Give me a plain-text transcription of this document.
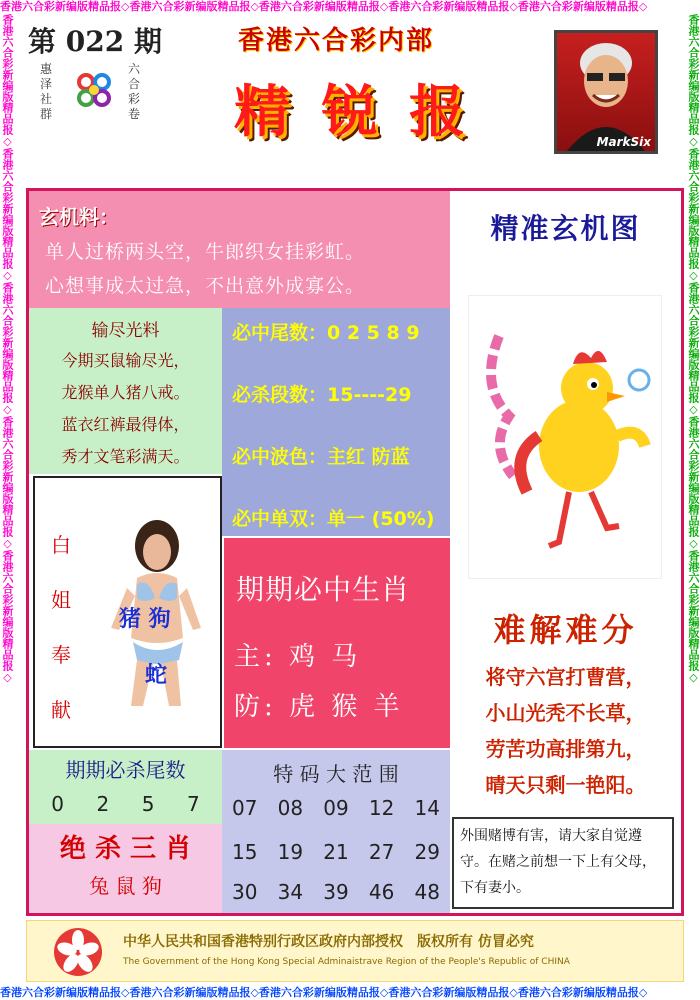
香港六合彩新编版精品报◇香港六合彩新编版精品报◇香港六合彩新编版精品报◇香港六合彩新编版精品报◇香港六合彩新编版精品报◇
香港六合彩新编版精品报◇香港六合彩新编版精品报◇香港六合彩新编版精品报◇香港六合彩新编版精品报◇香港六合彩新编版精品报◇
香港六合彩新编版精品报◇香港六合彩新编版精品报◇香港六合彩新编版精品报◇香港六合彩新编版精品报◇香港六合彩新编版精品报◇	香港六合彩新编版精品报◇香港六合彩新编版精品报◇香港六合彩新编版精品报◇香港六合彩新编版精品报◇香港六合彩新编版精品报◇
第 022 期
惠泽社群
六合彩卷
香港六合彩内部
精 锐 报	MarkSix
玄机料：
单人过桥两头空，牛郎织女挂彩虹。
心想事成太过急，不出意外成寡公。
输尽光料
今期买鼠输尽光，
龙猴单人猪八戒。
蓝衣红裤最得体，
秀才文笔彩满天。
必中尾数：0 2 5 8 9
必杀段数：15----29
必中波色：主红 防蓝
必中单双：单一 (50%)
白
姐
奉
献
猪 狗
蛇
期期必中生肖
主: 鸡 马
防: 虎 猴 羊
期期必杀尾数
0 2 5 7
绝 杀 三 肖
兔 鼠 狗
特 码 大 范 围
07 08 09 12 14
15 19 21 27 29
30 34 39 46 48
精准玄机图
难解难分
将守六宫打曹营，
小山光秃不长草，
劳苦功高排第九，
晴天只剩一艳阳。
外围赌博有害，请大家自觉遵守。在赌之前想一下上有父母，下有妻小。
中华人民共和国香港特别行政区政府内部授权　版权所有 仿冒必究
The Government of the Hong Kong Special Adminaistrave Region of the People's Republic of CHINA
